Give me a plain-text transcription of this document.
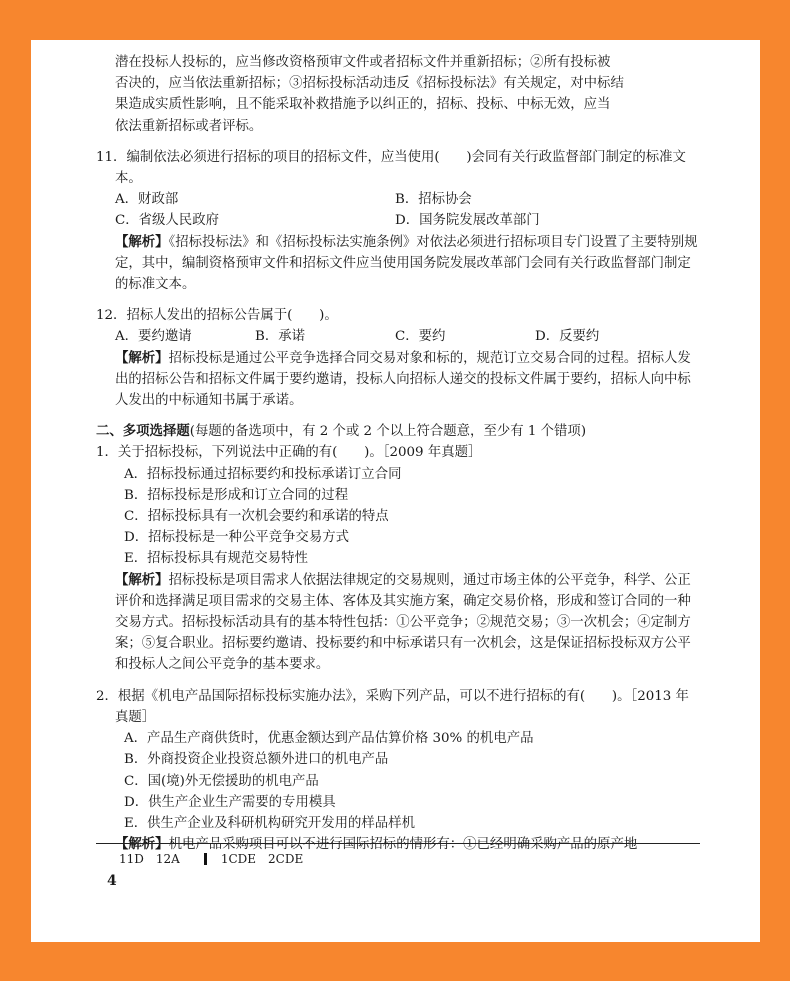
潜在投标人投标的，应当修改资格预审文件或者招标文件并重新招标；②所有投标被

否决的，应当依法重新招标；③招标投标活动违反《招标投标法》有关规定，对中标结

果造成实质性影响，且不能采取补救措施予以纠正的，招标、投标、中标无效，应当

依法重新招标或者评标。

11．编制依法必须进行招标的项目的招标文件，应当使用(　　)会同有关行政监督部门制定的标准文本。

A．财政部	B．招标协会
C．省级人民政府	D．国务院发展改革部门

【解析】《招标投标法》和《招标投标法实施条例》对依法必须进行招标项目专门设置了主要特别规定，其中，编制资格预审文件和招标文件应当使用国务院发展改革部门会同有关行政监督部门制定的标准文本。

12．招标人发出的招标公告属于(　　)。

A．要约邀请	B．承诺	C．要约	D．反要约

【解析】招标投标是通过公平竞争选择合同交易对象和标的，规范订立交易合同的过程。招标人发出的招标公告和招标文件属于要约邀请，投标人向招标人递交的投标文件属于要约，招标人向中标人发出的中标通知书属于承诺。

二、多项选择题(每题的备选项中，有 2 个或 2 个以上符合题意，至少有 1 个错项)

1．关于招标投标，下列说法中正确的有(　　)。［2009 年真题］

A．招标投标通过招标要约和投标承诺订立合同
B．招标投标是形成和订立合同的过程
C．招标投标具有一次机会要约和承诺的特点
D．招标投标是一种公平竞争交易方式
E．招标投标具有规范交易特性

【解析】招标投标是项目需求人依据法律规定的交易规则，通过市场主体的公平竞争，科学、公正评价和选择满足项目需求的交易主体、客体及其实施方案，确定交易价格，形成和签订合同的一种交易方式。招标投标活动具有的基本特性包括：①公平竞争；②规范交易；③一次机会；④定制方案；⑤复合职业。招标要约邀请、投标要约和中标承诺只有一次机会，这是保证招标投标双方公平和投标人之间公平竞争的基本要求。

2．根据《机电产品国际招标投标实施办法》，采购下列产品，可以不进行招标的有(　　)。［2013 年真题］

A．产品生产商供货时，优惠金额达到产品估算价格 30% 的机电产品
B．外商投资企业投资总额外进口的机电产品
C．国(境)外无偿援助的机电产品
D．供生产企业生产需要的专用模具
E．供生产企业及科研机构研究开发用的样品样机

【解析】机电产品采购项目可以不进行国际招标的情形有：①已经明确采购产品的原产地

11D 12A	1CDE 2CDE
4
